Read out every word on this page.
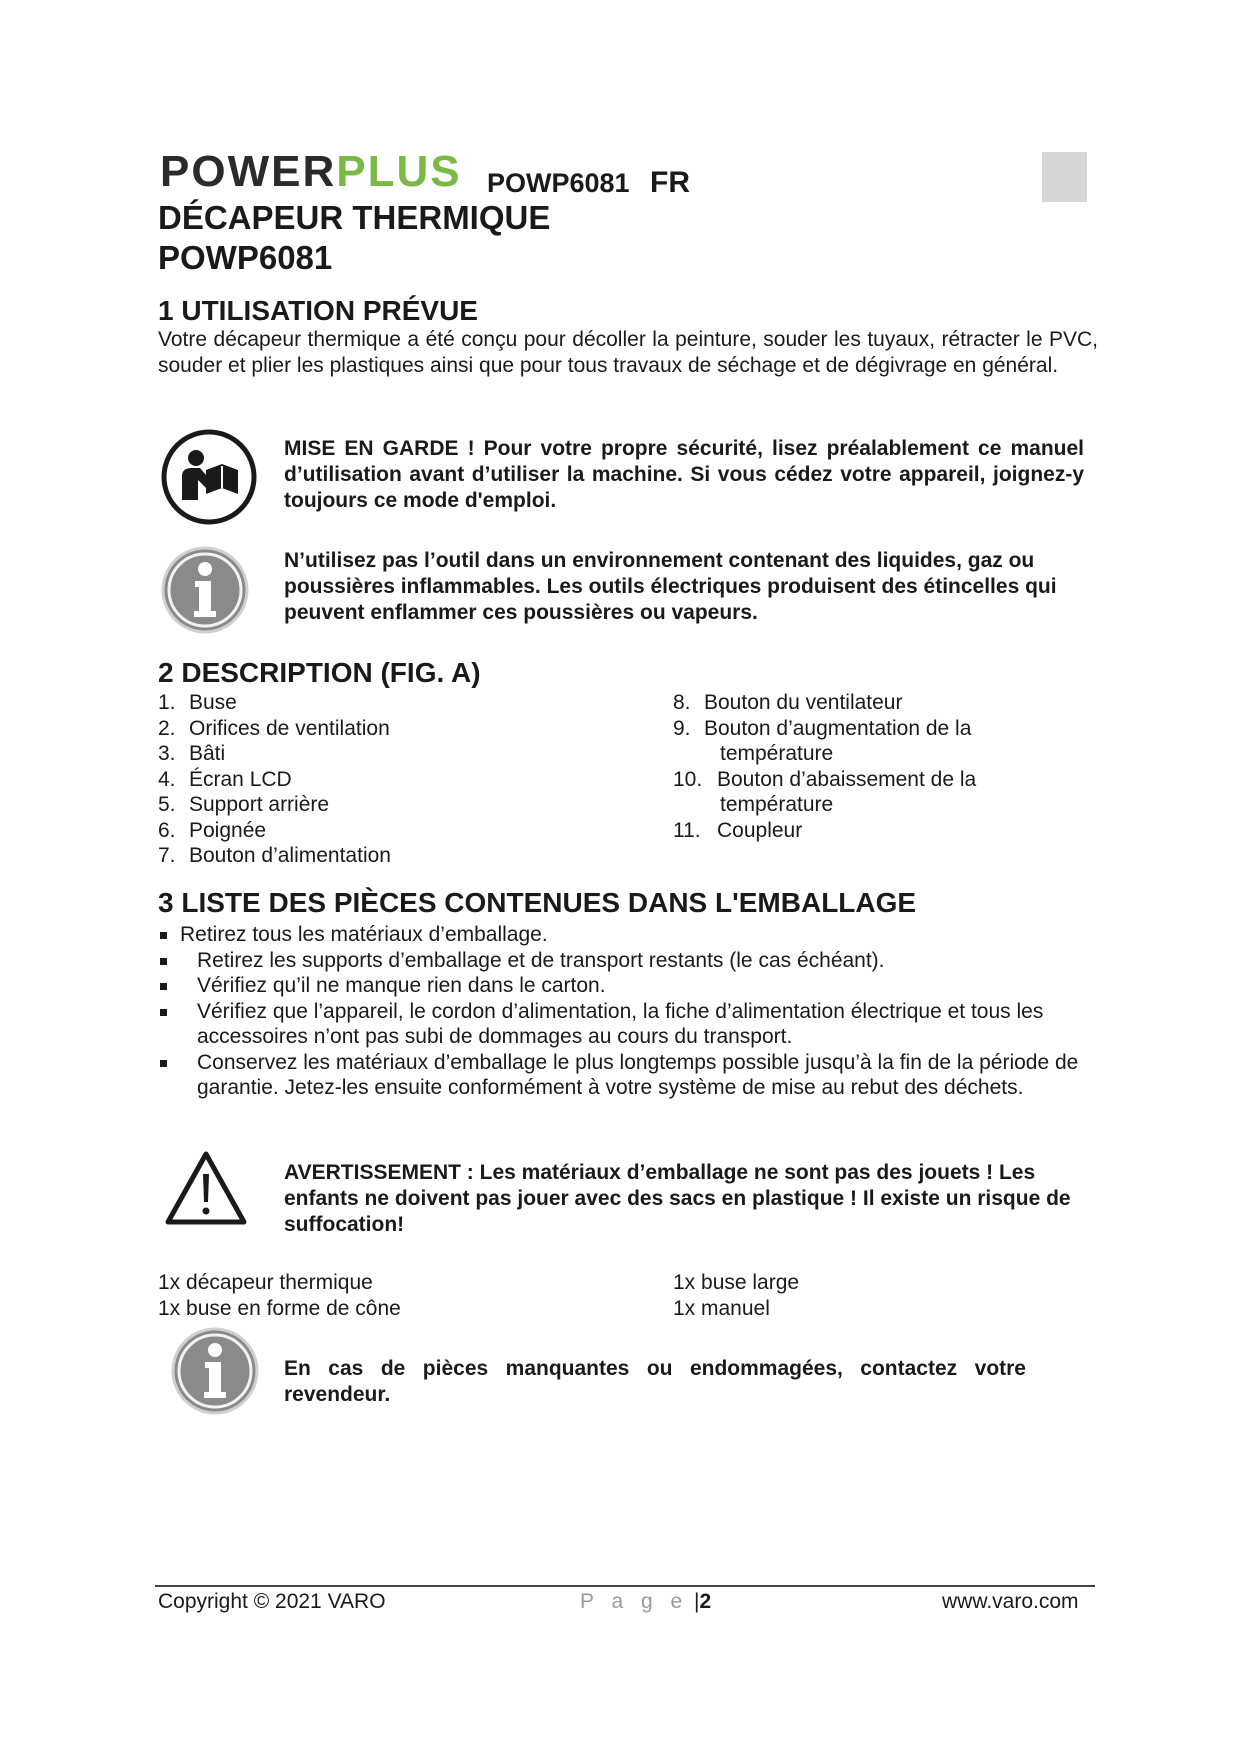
POWERPLUS POWP6081 FR
DÉCAPEUR THERMIQUE
POWP6081
1 UTILISATION PRÉVUE
Votre décapeur thermique a été conçu pour décoller la peinture, souder les tuyaux, rétracter le PVC, souder et plier les plastiques ainsi que pour tous travaux de séchage et de dégivrage en général.
MISE EN GARDE ! Pour votre propre sécurité, lisez préalablement ce manuel d’utilisation avant d’utiliser la machine. Si vous cédez votre appareil, joignez-y toujours ce mode d'emploi.
N’utilisez pas l’outil dans un environnement contenant des liquides, gaz ou poussières inflammables. Les outils électriques produisent des étincelles qui peuvent enflammer ces poussières ou vapeurs.
2 DESCRIPTION (FIG. A)
1. Buse
2. Orifices de ventilation
3. Bâti
4. Écran LCD
5. Support arrière
6. Poignée
7. Bouton d’alimentation
8. Bouton du ventilateur
9. Bouton d’augmentation de la
température
10. Bouton d’abaissement de la
température
11. Coupleur
3 LISTE DES PIÈCES CONTENUES DANS L'EMBALLAGE
Retirez tous les matériaux d’emballage.
Retirez les supports d’emballage et de transport restants (le cas échéant).
Vérifiez qu’il ne manque rien dans le carton.
Vérifiez que l’appareil, le cordon d’alimentation, la fiche d’alimentation électrique et tous les accessoires n’ont pas subi de dommages au cours du transport.
Conservez les matériaux d’emballage le plus longtemps possible jusqu’à la fin de la période de garantie. Jetez-les ensuite conformément à votre système de mise au rebut des déchets.
AVERTISSEMENT : Les matériaux d’emballage ne sont pas des jouets ! Les enfants ne doivent pas jouer avec des sacs en plastique ! Il existe un risque de suffocation!
1x décapeur thermique
1x buse en forme de cône
1x buse large
1x manuel
En cas de pièces manquantes ou endommagées, contactez votre revendeur.
Copyright © 2021 VARO	P a g e |2	www.varo.com
